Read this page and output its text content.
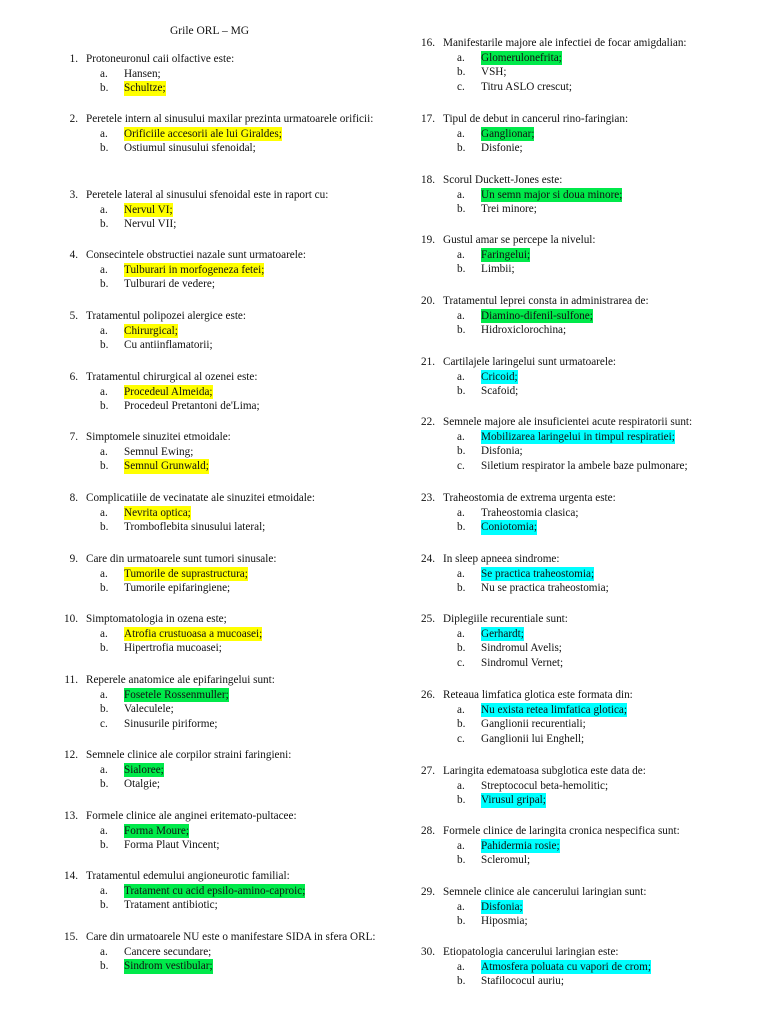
Grile ORL – MG
1. Protoneuronul caii olfactive este:
a.	Hansen;
b.	Schultze;
2. Peretele intern al sinusului maxilar prezinta urmatoarele orificii:
a.	Orificiile accesorii ale lui Giraldes;
b.	Ostiumul sinusului sfenoidal;
3. Peretele lateral al sinusului sfenoidal este in raport cu:
a.	Nervul VI;
b.	Nervul VII;
4. Consecintele obstructiei nazale sunt urmatoarele:
a.	Tulburari in morfogeneza fetei;
b.	Tulburari de vedere;
5. Tratamentul polipozei alergice este:
a.	Chirurgical;
b.	Cu antiinflamatorii;
6. Tratamentul chirurgical al ozenei este:
a.	Procedeul Almeida;
b.	Procedeul Pretantoni de'Lima;
7. Simptomele sinuzitei etmoidale:
a.	Semnul Ewing;
b.	Semnul Grunwald;
8. Complicatiile de vecinatate ale sinuzitei etmoidale:
a.	Nevrita optica;
b.	Tromboflebita sinusului lateral;
9. Care din urmatoarele sunt tumori sinusale:
a.	Tumorile de suprastructura;
b.	Tumorile epifaringiene;
10. Simptomatologia in ozena este;
a.	Atrofia crustuoasa a mucoasei;
b.	Hipertrofia mucoasei;
11. Reperele anatomice ale epifaringelui sunt:
a.	Fosetele Rossenmuller;
b.	Valeculele;
c.	Sinusurile piriforme;
12. Semnele clinice ale corpilor straini faringieni:
a.	Sialoree;
b.	Otalgie;
13. Formele clinice ale anginei eritemato-pultacee:
a.	Forma Moure;
b.	Forma Plaut Vincent;
14. Tratamentul edemului angioneurotic familial:
a.	Tratament cu acid epsilo-amino-caproic;
b.	Tratament antibiotic;
15. Care din urmatoarele NU este o manifestare SIDA in sfera ORL:
a.	Cancere secundare;
b.	Sindrom vestibular;
16. Manifestarile majore ale infectiei de focar amigdalian:
a.	Glomerulonefrita;
b.	VSH;
c.	Titru ASLO crescut;
17. Tipul de debut in cancerul rino-faringian:
a.	Ganglionar;
b.	Disfonie;
18. Scorul Duckett-Jones este:
a.	Un semn major si doua minore;
b.	Trei minore;
19. Gustul amar se percepe la nivelul:
a.	Faringelui;
b.	Limbii;
20. Tratamentul leprei consta in administrarea de:
a.	Diamino-difenil-sulfone;
b.	Hidroxiclorochina;
21. Cartilajele laringelui sunt urmatoarele:
a.	Cricoid;
b.	Scafoid;
22. Semnele majore ale insuficientei acute respiratorii sunt:
a.	Mobilizarea laringelui in timpul respiratiei;
b.	Disfonia;
c.	Siletium respirator la ambele baze pulmonare;
23. Traheostomia de extrema urgenta este:
a.	Traheostomia clasica;
b.	Coniotomia;
24. In sleep apneea sindrome:
a.	Se practica traheostomia;
b.	Nu se practica traheostomia;
25. Diplegiile recurentiale sunt:
a.	Gerhardt;
b.	Sindromul Avelis;
c.	Sindromul Vernet;
26. Reteaua limfatica glotica este formata din:
a.	Nu exista retea limfatica glotica;
b.	Ganglionii recurentiali;
c.	Ganglionii lui Enghell;
27. Laringita edematoasa subglotica este data de:
a.	Streptococul beta-hemolitic;
b.	Virusul gripal;
28. Formele clinice de laringita cronica nespecifica sunt:
a.	Pahidermia rosie;
b.	Scleromul;
29. Semnele clinice ale cancerului laringian sunt:
a.	Disfonia;
b.	Hiposmia;
30. Etiopatologia cancerului laringian este:
a.	Atmosfera poluata cu vapori de crom;
b.	Stafilococul auriu;
